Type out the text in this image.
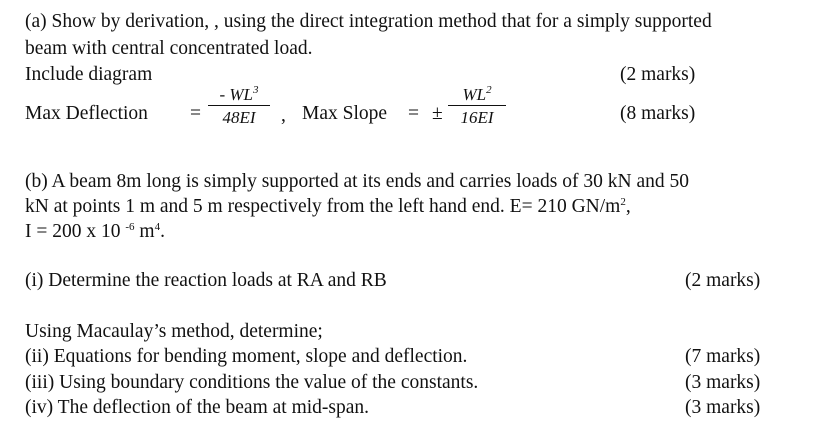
(a) Show by derivation, , using the direct integration method that for a simply supported
beam with central concentrated load.
Include diagram	(2 marks)
Max Deflection =
- $WL^3$
48EI	, Max Slope = ±
$WL^2$
16EI	(8 marks)
(b) A beam 8m long is simply supported at its ends and carries loads of 30 kN and 50
kN at points 1 m and 5 m respectively from the left hand end. E= 210 $GN/m^2$,
I = 200 x 10 $^{-6}$ $m^4$.
(i) Determine the reaction loads at RA and RB	(2 marks)
Using Macaulay’s method, determine;
(ii) Equations for bending moment, slope and deflection.	(7 marks)
(iii) Using boundary conditions the value of the constants.	(3 marks)
(iv) The deflection of the beam at mid-span.	(3 marks)
